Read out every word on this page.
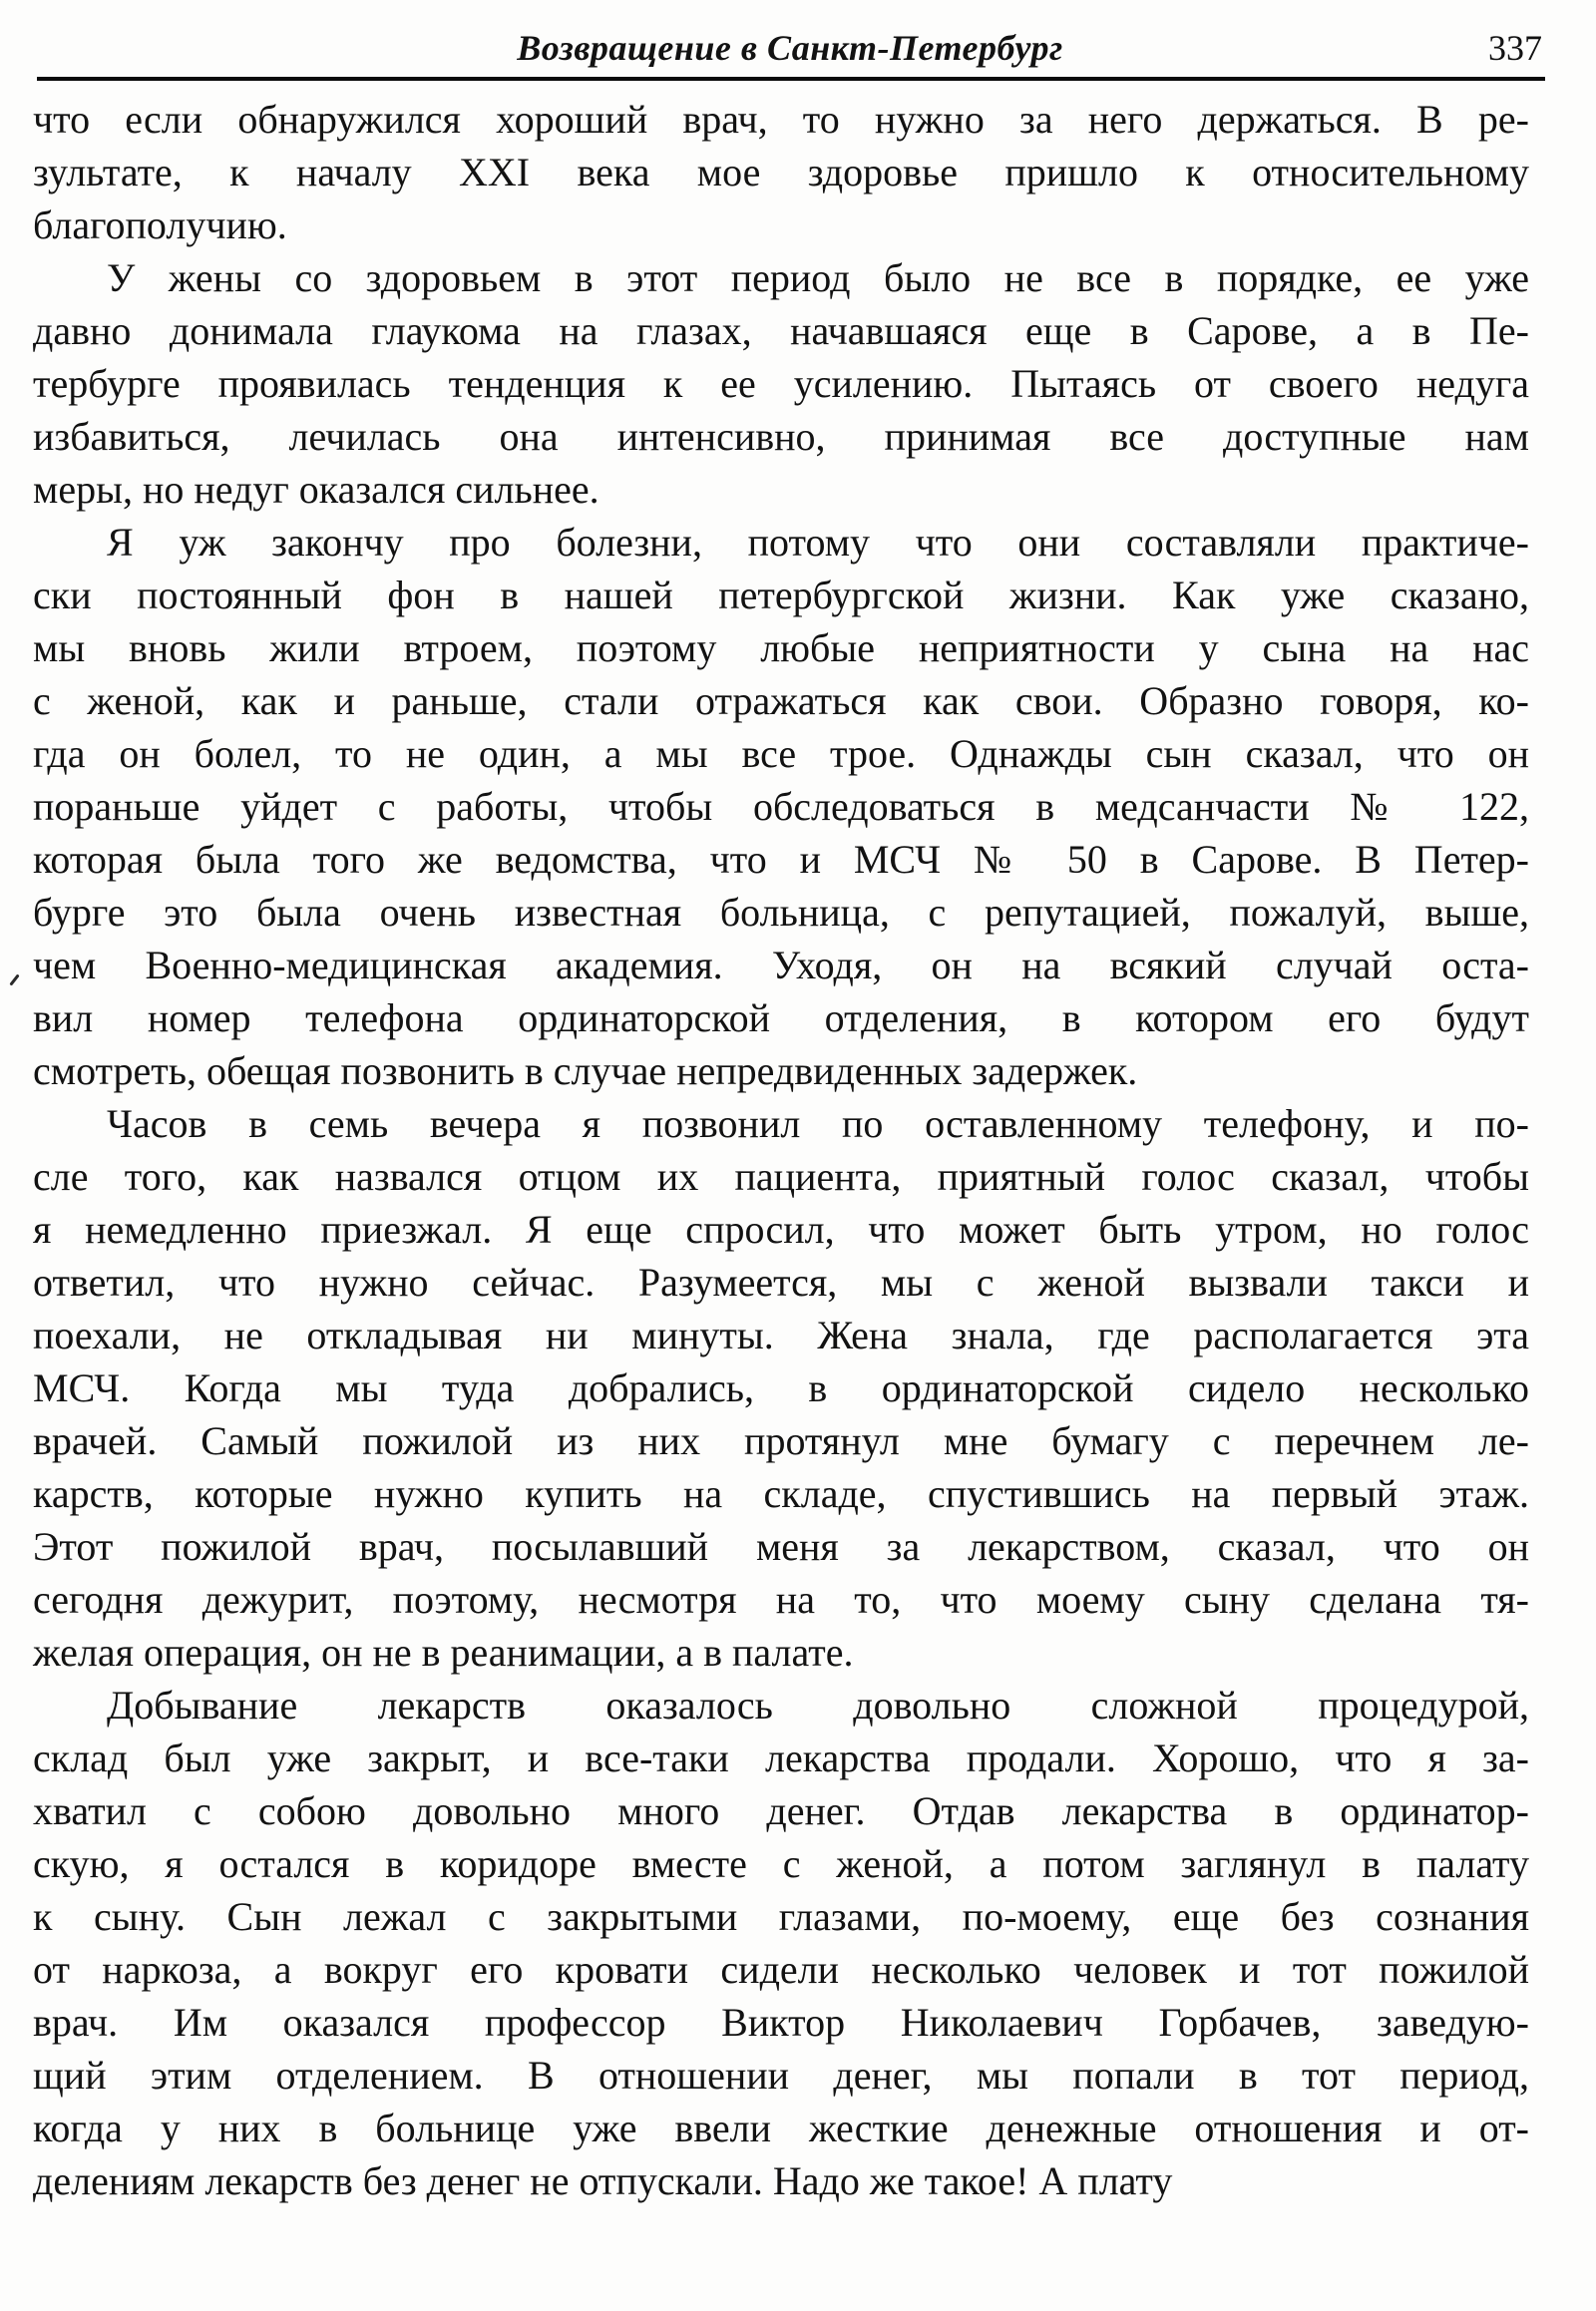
Возвращение в Санкт-Петербург	337
что если обнаружился хороший врач, то нужно за него держаться. В ре-
зультате, к началу XXI века мое здоровье пришло к относительному
благополучию.
У жены со здоровьем в этот период было не все в порядке, ее уже
давно донимала глаукома на глазах, начавшаяся еще в Сарове, а в Пе-
тербурге проявилась тенденция к ее усилению. Пытаясь от своего недуга
избавиться, лечилась она интенсивно, принимая все доступные нам
меры, но недуг оказался сильнее.
Я уж закончу про болезни, потому что они составляли практиче-
ски постоянный фон в нашей петербургской жизни. Как уже сказано,
мы вновь жили втроем, поэтому любые неприятности у сына на нас
с женой, как и раньше, стали отражаться как свои. Образно говоря, ко-
гда он болел, то не один, а мы все трое. Однажды сын сказал, что он
пораньше уйдет с работы, чтобы обследоваться в медсанчасти № 122,
которая была того же ведомства, что и МСЧ № 50 в Сарове. В Петер-
бурге это была очень известная больница, с репутацией, пожалуй, выше,
чем Военно-медицинская академия. Уходя, он на всякий случай оста-
вил номер телефона ординаторской отделения, в котором его будут
смотреть, обещая позвонить в случае непредвиденных задержек.
Часов в семь вечера я позвонил по оставленному телефону, и по-
сле того, как назвался отцом их пациента, приятный голос сказал, чтобы
я немедленно приезжал. Я еще спросил, что может быть утром, но голос
ответил, что нужно сейчас. Разумеется, мы с женой вызвали такси и
поехали, не откладывая ни минуты. Жена знала, где располагается эта
МСЧ. Когда мы туда добрались, в ординаторской сидело несколько
врачей. Самый пожилой из них протянул мне бумагу с перечнем ле-
карств, которые нужно купить на складе, спустившись на первый этаж.
Этот пожилой врач, посылавший меня за лекарством, сказал, что он
сегодня дежурит, поэтому, несмотря на то, что моему сыну сделана тя-
желая операция, он не в реанимации, а в палате.
Добывание лекарств оказалось довольно сложной процедурой,
склад был уже закрыт, и все-таки лекарства продали. Хорошо, что я за-
хватил с собою довольно много денег. Отдав лекарства в ординатор-
скую, я остался в коридоре вместе с женой, а потом заглянул в палату
к сыну. Сын лежал с закрытыми глазами, по-моему, еще без сознания
от наркоза, а вокруг его кровати сидели несколько человек и тот пожилой
врач. Им оказался профессор Виктор Николаевич Горбачев, заведую-
щий этим отделением. В отношении денег, мы попали в тот период,
когда у них в больнице уже ввели жесткие денежные отношения и от-
делениям лекарств без денег не отпускали. Надо же такое! А плату
